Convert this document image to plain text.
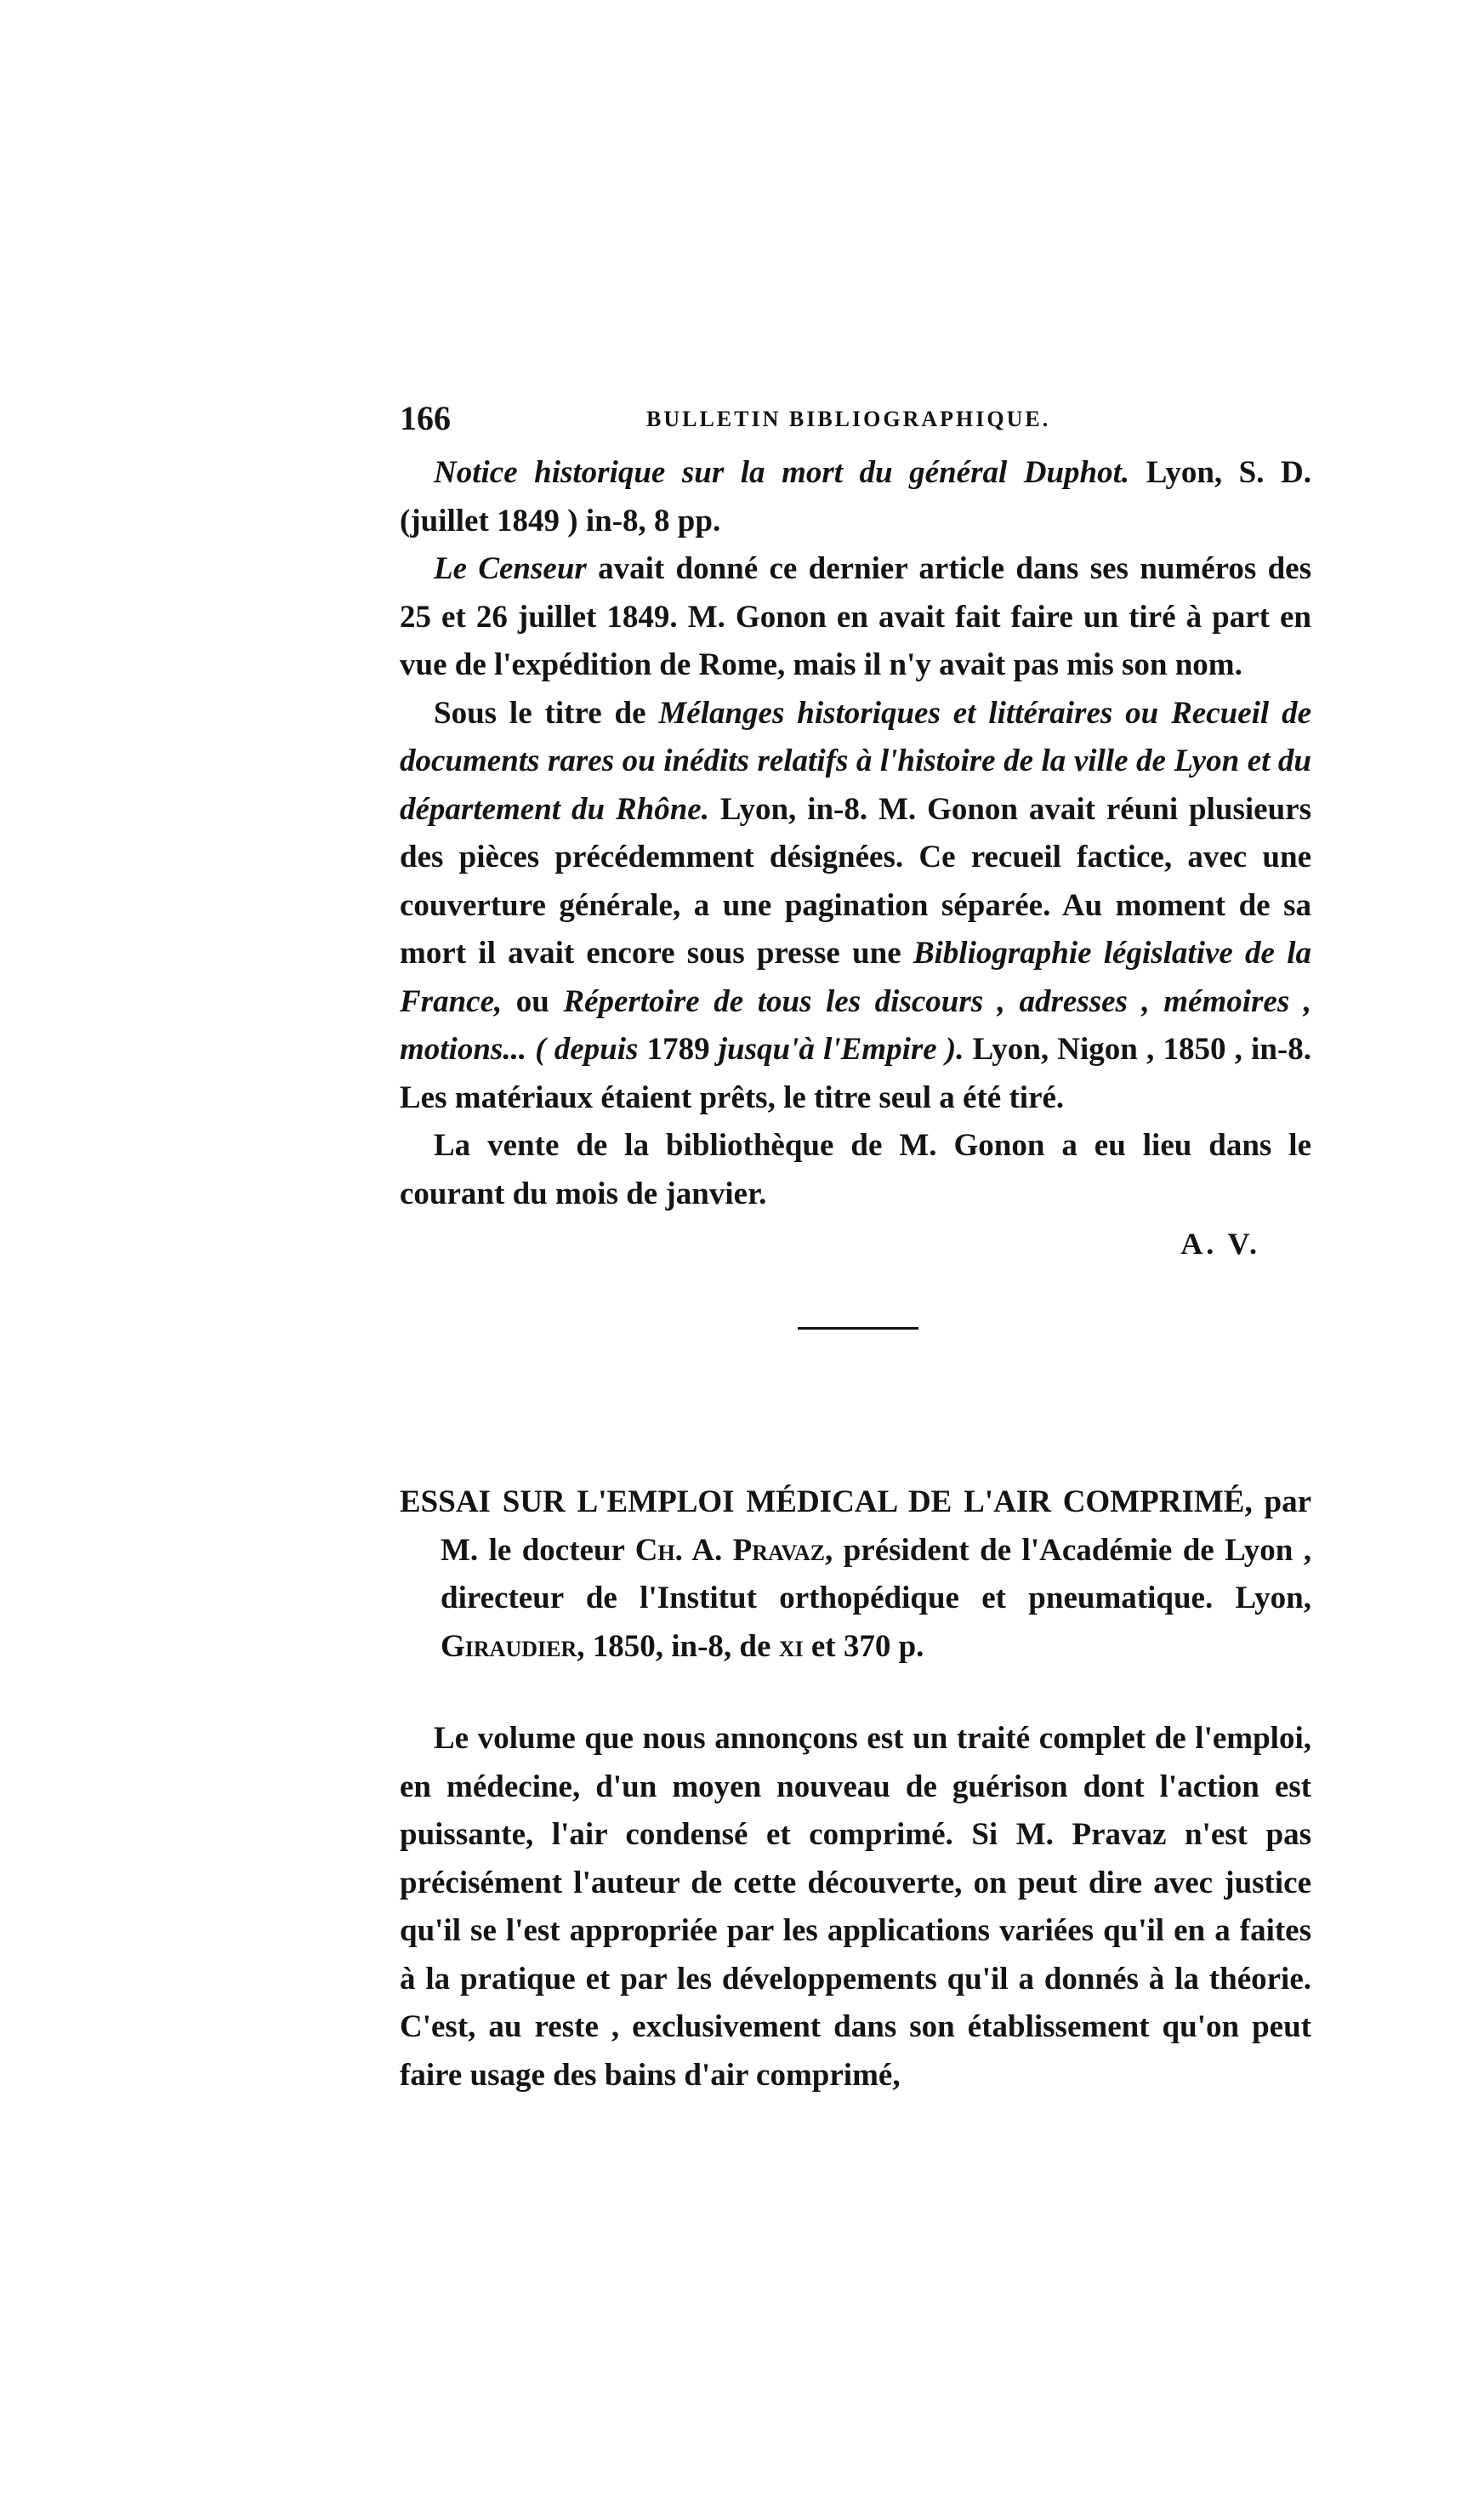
166	BULLETIN BIBLIOGRAPHIQUE.

Notice historique sur la mort du général Duphot. Lyon, S. D. (juillet 1849 ) in-8, 8 pp.

Le Censeur avait donné ce dernier article dans ses numéros des 25 et 26 juillet 1849. M. Gonon en avait fait faire un tiré à part en vue de l'expédition de Rome, mais il n'y avait pas mis son nom.

Sous le titre de Mélanges historiques et littéraires ou Recueil de documents rares ou inédits relatifs à l'histoire de la ville de Lyon et du département du Rhône. Lyon, in-8. M. Gonon avait réuni plusieurs des pièces précédemment désignées. Ce recueil factice, avec une couverture générale, a une pagination séparée. Au moment de sa mort il avait encore sous presse une Bibliographie législative de la France, ou Répertoire de tous les discours , adresses , mémoires , motions... ( depuis 1789 jusqu'à l'Empire ). Lyon, Nigon , 1850 , in-8. Les matériaux étaient prêts, le titre seul a été tiré.

La vente de la bibliothèque de M. Gonon a eu lieu dans le courant du mois de janvier.

A. V.

ESSAI SUR L'EMPLOI MÉDICAL DE L'AIR COMPRIMÉ, par M. le docteur Ch. A. Pravaz, président de l'Académie de Lyon , directeur de l'Institut orthopédique et pneumatique. Lyon, Giraudier, 1850, in-8, de xi et 370 p.

Le volume que nous annonçons est un traité complet de l'emploi, en médecine, d'un moyen nouveau de guérison dont l'action est puissante, l'air condensé et comprimé. Si M. Pravaz n'est pas précisément l'auteur de cette découverte, on peut dire avec justice qu'il se l'est appropriée par les applications variées qu'il en a faites à la pratique et par les développements qu'il a donnés à la théorie. C'est, au reste , exclusivement dans son établissement qu'on peut faire usage des bains d'air comprimé,
